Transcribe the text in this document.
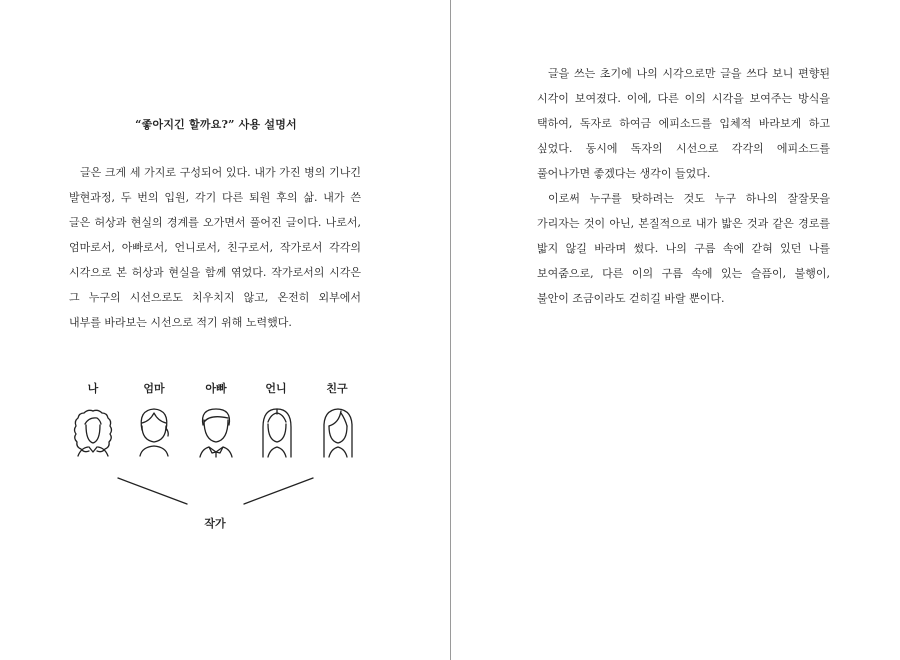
“좋아지긴 할까요?” 사용 설명서

글은 크게 세 가지로 구성되어 있다. 내가 가진 병의 기나긴 발현과정, 두 번의 입원, 각기 다른 퇴원 후의 삶. 내가 쓴 글은 허상과 현실의 경계를 오가면서 풀어진 글이다. 나로서, 엄마로서, 아빠로서, 언니로서, 친구로서, 작가로서 각각의 시각으로 본 허상과 현실을 함께 엮었다. 작가로서의 시각은 그 누구의 시선으로도 치우치지 않고, 온전히 외부에서 내부를 바라보는 시선으로 적기 위해 노력했다.

나	엄마	아빠	언니	친구
작가

글을 쓰는 초기에 나의 시각으로만 글을 쓰다 보니 편향된 시각이 보여졌다. 이에, 다른 이의 시각을 보여주는 방식을 택하여, 독자로 하여금 에피소드를 입체적 바라보게 하고 싶었다. 동시에 독자의 시선으로 각각의 에피소드를 풀어나가면 좋겠다는 생각이 들었다.

이로써 누구를 탓하려는 것도 누구 하나의 잘잘못을 가리자는 것이 아닌, 본질적으로 내가 밟은 것과 같은 경로를 밟지 않길 바라며 썼다. 나의 구름 속에 갇혀 있던 나를 보여줌으로, 다른 이의 구름 속에 있는 슬픔이, 불행이, 불안이 조금이라도 걷히길 바랄 뿐이다.
